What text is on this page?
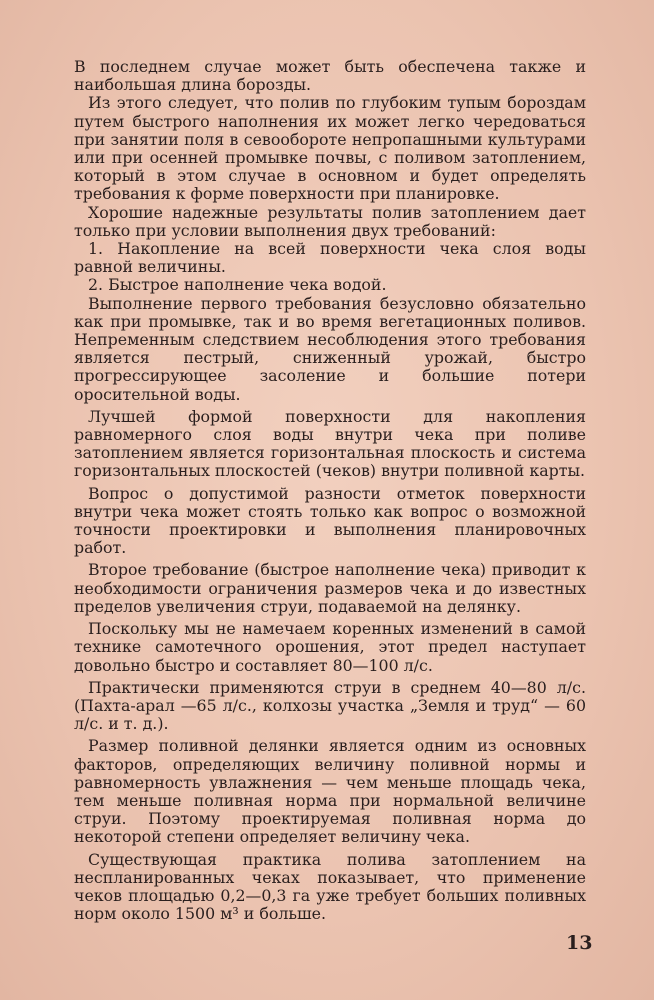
В последнем случае может быть обеспечена также и наибольшая длина борозды.

Из этого следует, что полив по глубоким тупым бороздам путем быстрого наполнения их может легко чередоваться при занятии поля в севообороте непропашными культурами или при осенней промывке почвы, с поливом затоплением, который в этом случае в основном и будет определять требования к форме поверхности при планировке.

Хорошие надежные результаты полив затоплением дает только при условии выполнения двух требований:

1. Накопление на всей поверхности чека слоя воды равной величины.

2. Быстрое наполнение чека водой.

Выполнение первого требования безусловно обязательно как при промывке, так и во время вегетационных поливов. Непременным следствием несоблюдения этого требования является пестрый, сниженный урожай, быстро прогрессирующее засоление и большие потери оросительной воды.

Лучшей формой поверхности для накопления равномерного слоя воды внутри чека при поливе затоплением является горизонтальная плоскость и система горизонтальных плоскостей (чеков) внутри поливной карты.

Вопрос о допустимой разности отметок поверхности внутри чека может стоять только как вопрос о возможной точности проектировки и выполнения планировочных работ.

Второе требование (быстрое наполнение чека) приводит к необходимости ограничения размеров чека и до известных пределов увеличения струи, подаваемой на делянку.

Поскольку мы не намечаем коренных изменений в самой технике самотечного орошения, этот предел наступает довольно быстро и составляет 80—100 л/с.

Практически применяются струи в среднем 40—80 л/с. (Пахта-арал —65 л/с., колхозы участка „Земля и труд“ — 60 л/с. и т. д.).

Размер поливной делянки является одним из основных факторов, определяющих величину поливной нормы и равномерность увлажнения — чем меньше площадь чека, тем меньше поливная норма при нормальной величине струи. Поэтому проектируемая поливная норма до некоторой степени определяет величину чека.

Существующая практика полива затоплением на неспланированных чеках показывает, что применение чеков площадью 0,2—0,3 га уже требует больших поливных норм около 1500 м³ и больше.

13
